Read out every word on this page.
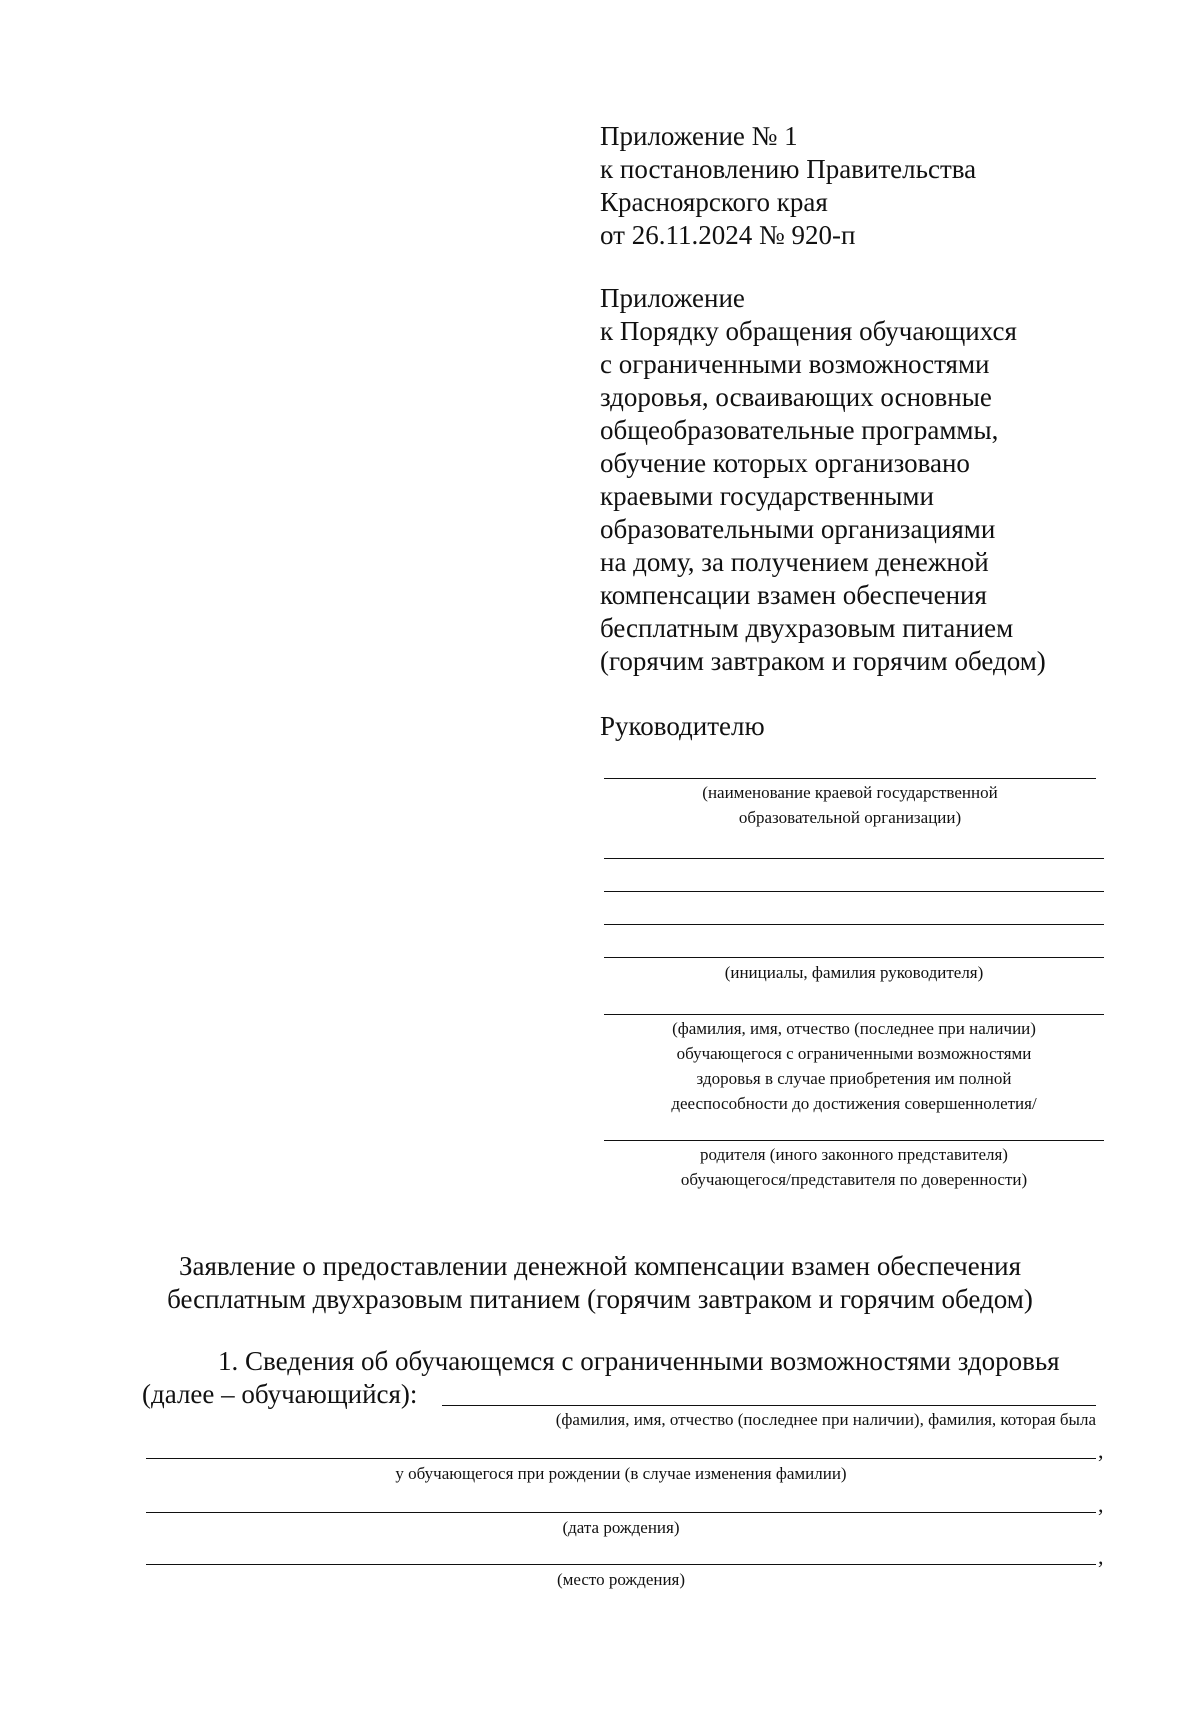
Приложение № 1
к постановлению Правительства
Красноярского края
от 26.11.2024 № 920-п
Приложение
к Порядку обращения обучающихся
с ограниченными возможностями
здоровья, осваивающих основные
общеобразовательные программы,
обучение которых организовано
краевыми государственными
образовательными организациями
на дому, за получением денежной
компенсации взамен обеспечения
бесплатным двухразовым питанием
(горячим завтраком и горячим обедом)
Руководителю
(наименование краевой государственной
образовательной организации)
(инициалы, фамилия руководителя)
(фамилия, имя, отчество (последнее при наличии)
обучающегося с ограниченными возможностями
здоровья в случае приобретения им полной
дееспособности до достижения совершеннолетия/
родителя (иного законного представителя)
обучающегося/представителя по доверенности)
Заявление о предоставлении денежной компенсации взамен обеспечения
бесплатным двухразовым питанием (горячим завтраком и горячим обедом)
1. Сведения об обучающемся с ограниченными возможностями здоровья
(далее – обучающийся):
(фамилия, имя, отчество (последнее при наличии), фамилия, которая была
,
у обучающегося при рождении (в случае изменения фамилии)
,
(дата рождения)
,
(место рождения)
